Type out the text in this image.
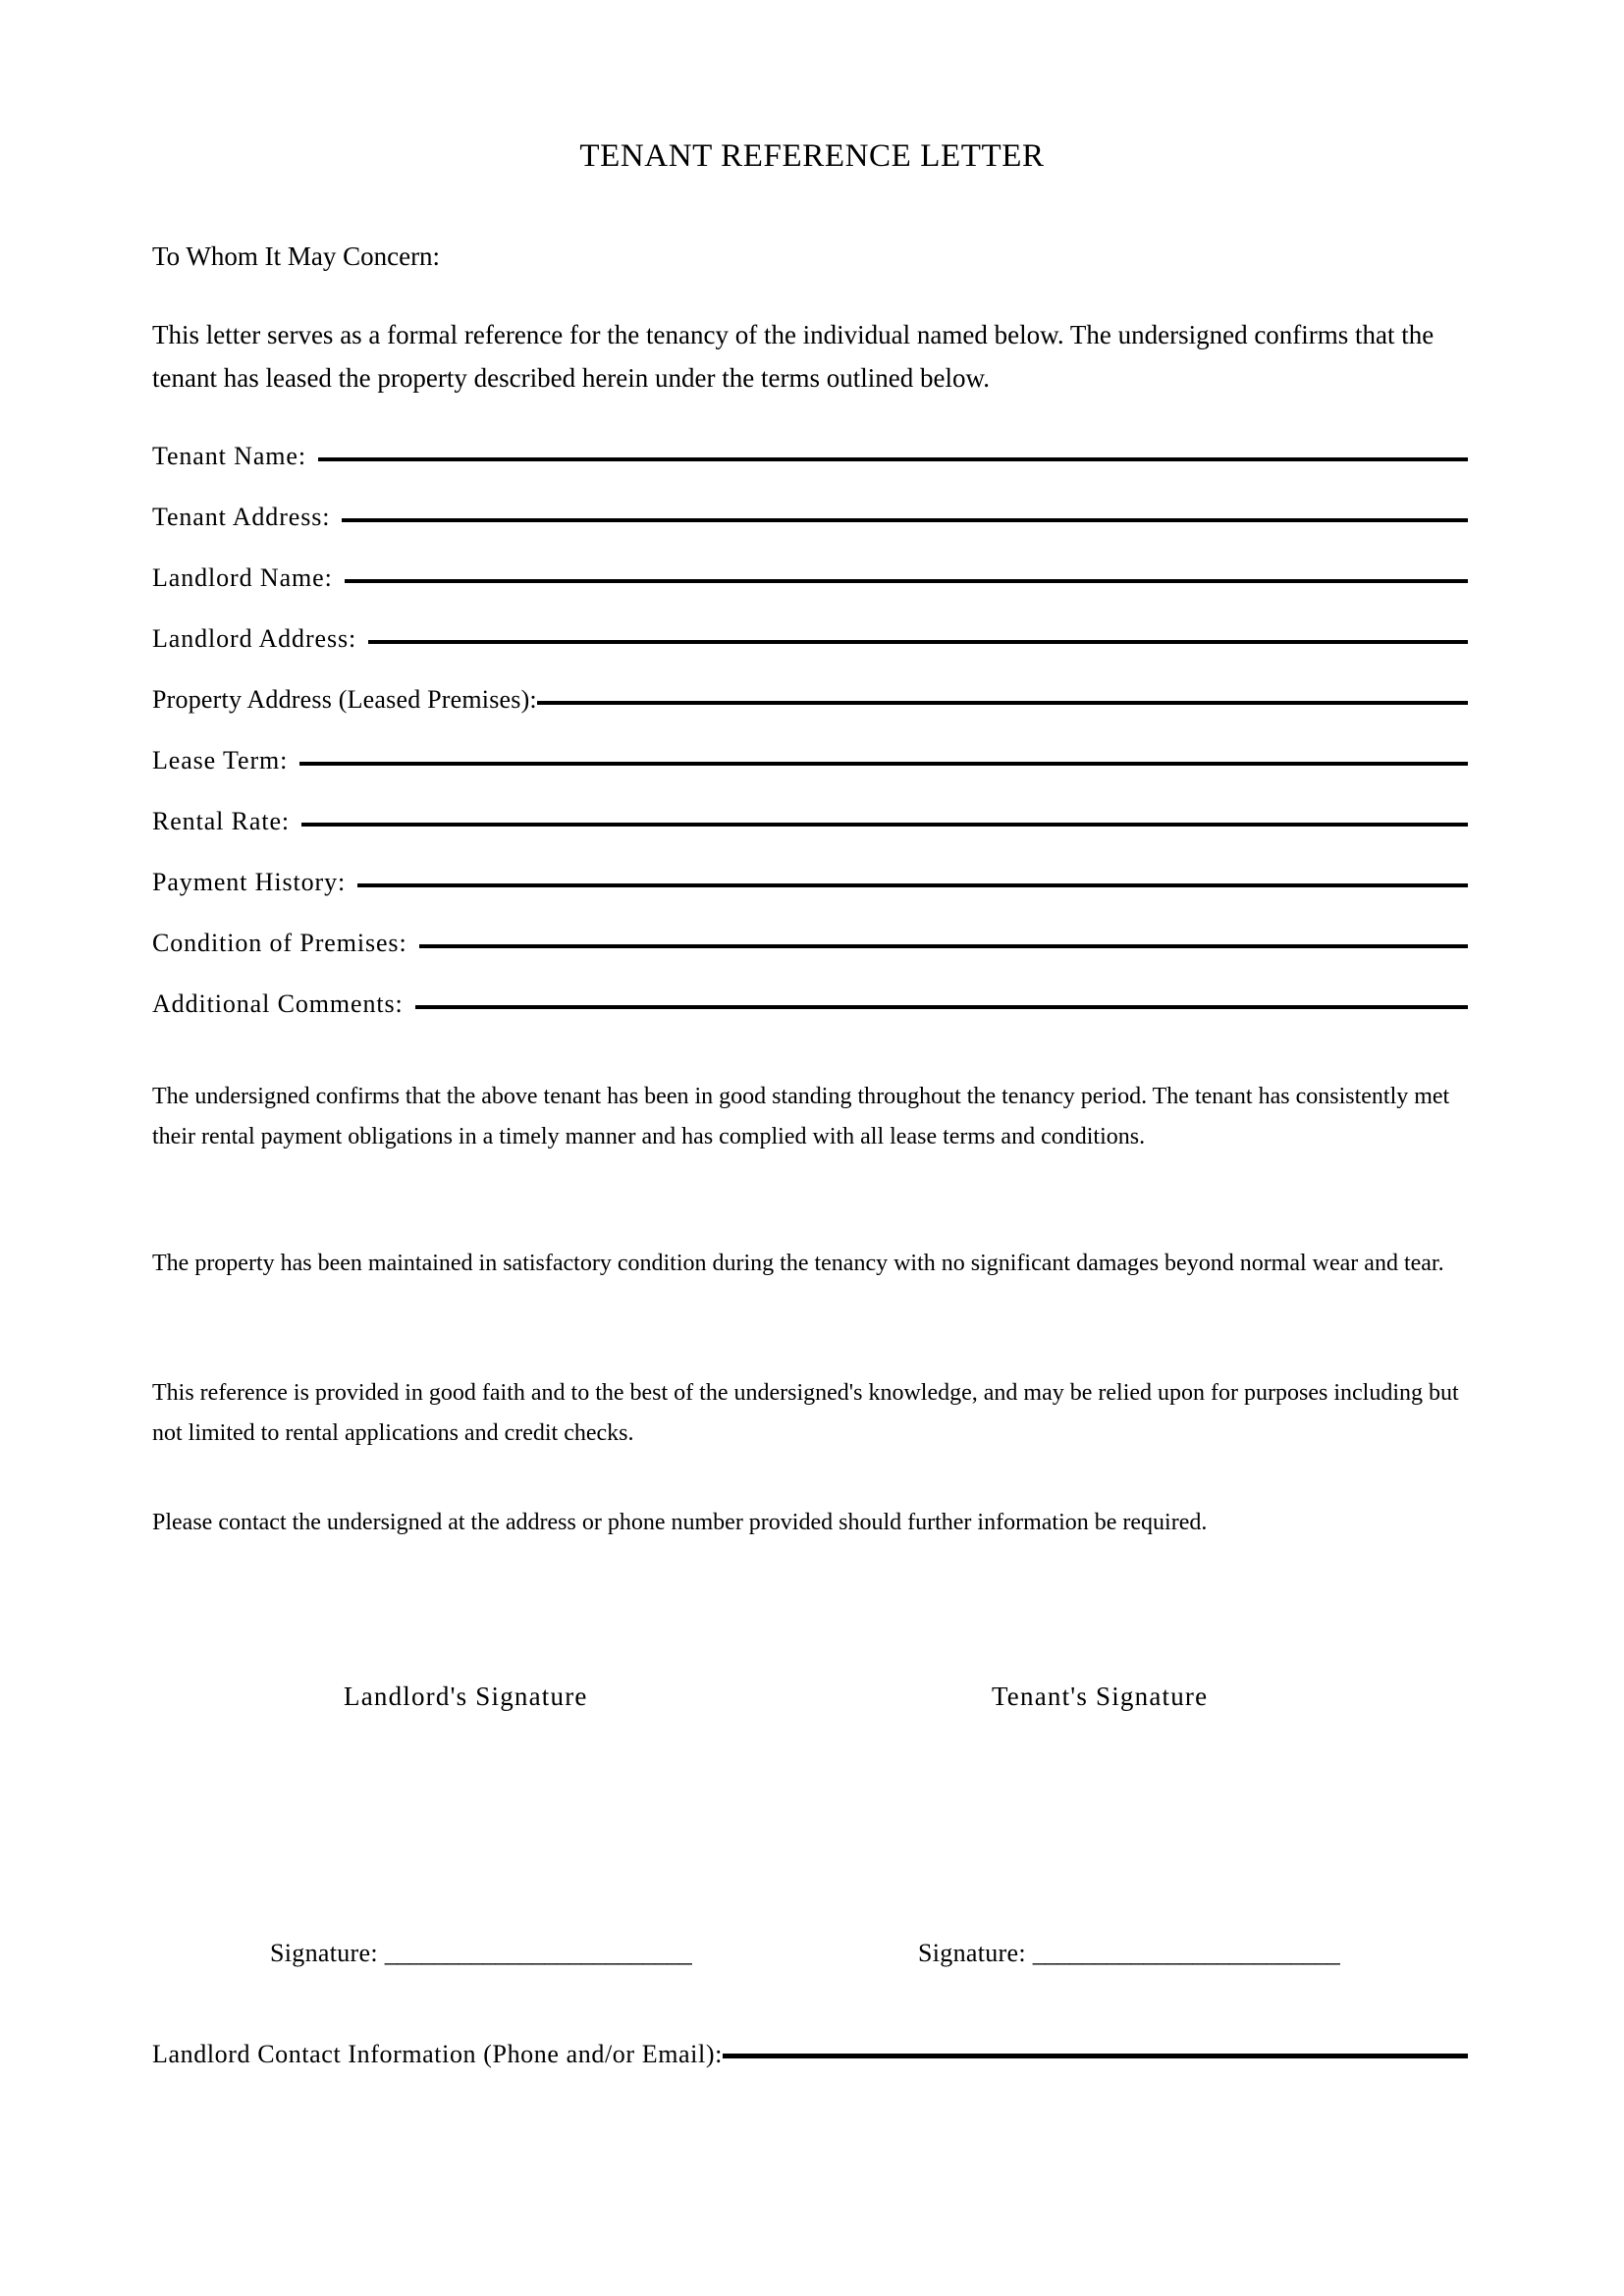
TENANT REFERENCE LETTER
To Whom It May Concern:
This letter serves as a formal reference for the tenancy of the individual named below. The undersigned confirms that the tenant has leased the property described herein under the terms outlined below.
Tenant Name:
Tenant Address:
Landlord Name:
Landlord Address:
Property Address (Leased Premises):
Lease Term:
Rental Rate:
Payment History:
Condition of Premises:
Additional Comments:

The undersigned confirms that the above tenant has been in good standing throughout the tenancy period. The tenant has consistently met their rental payment obligations in a timely manner and has complied with all lease terms and conditions.

The property has been maintained in satisfactory condition during the tenancy with no significant damages beyond normal wear and tear.

This reference is provided in good faith and to the best of the undersigned's knowledge, and may be relied upon for purposes including but not limited to rental applications and credit checks.

Please contact the undersigned at the address or phone number provided should further information be required.

Landlord's Signature	Tenant's Signature
Signature: _________________________	Signature: _________________________
Landlord Contact Information (Phone and/or Email):
